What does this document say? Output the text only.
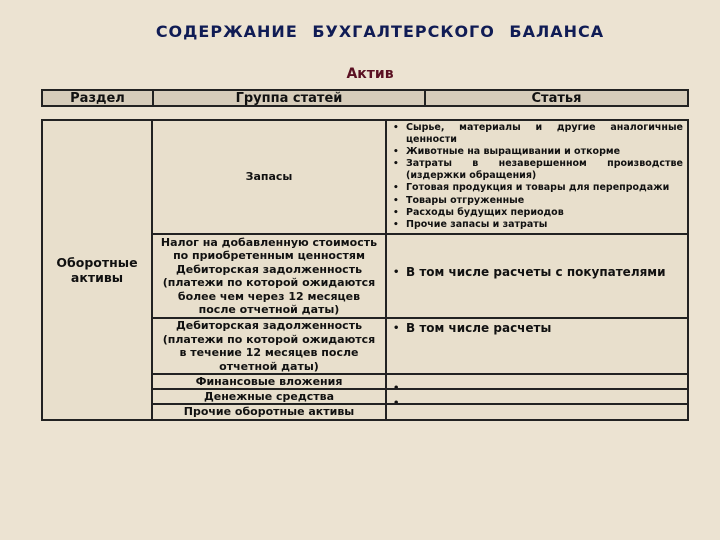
СОДЕРЖАНИЕ БУХГАЛТЕРСКОГО БАЛАНСА
Актив
Раздел	Группа статей	Статья
Оборотные активы
Запасы
• Сырье, материалы и другие аналогичные ценности
• Животные на выращивании и откорме
• Затраты в незавершенном производстве (издержки обращения)
• Готовая продукция и товары для перепродажи
• Товары отгруженные
• Расходы будущих периодов
• Прочие запасы и затраты
Налог на добавленную стоимость по приобретенным ценностям Дебиторская задолженность (платежи по которой ожидаются более чем через 12 месяцев после отчетной даты)
• В том числе расчеты с покупателями
Дебиторская задолженность (платежи по которой ожидаются в течение 12 месяцев после отчетной даты)
• В том числе расчеты
Финансовые вложения
•
Денежные средства
•
Прочие оборотные активы
